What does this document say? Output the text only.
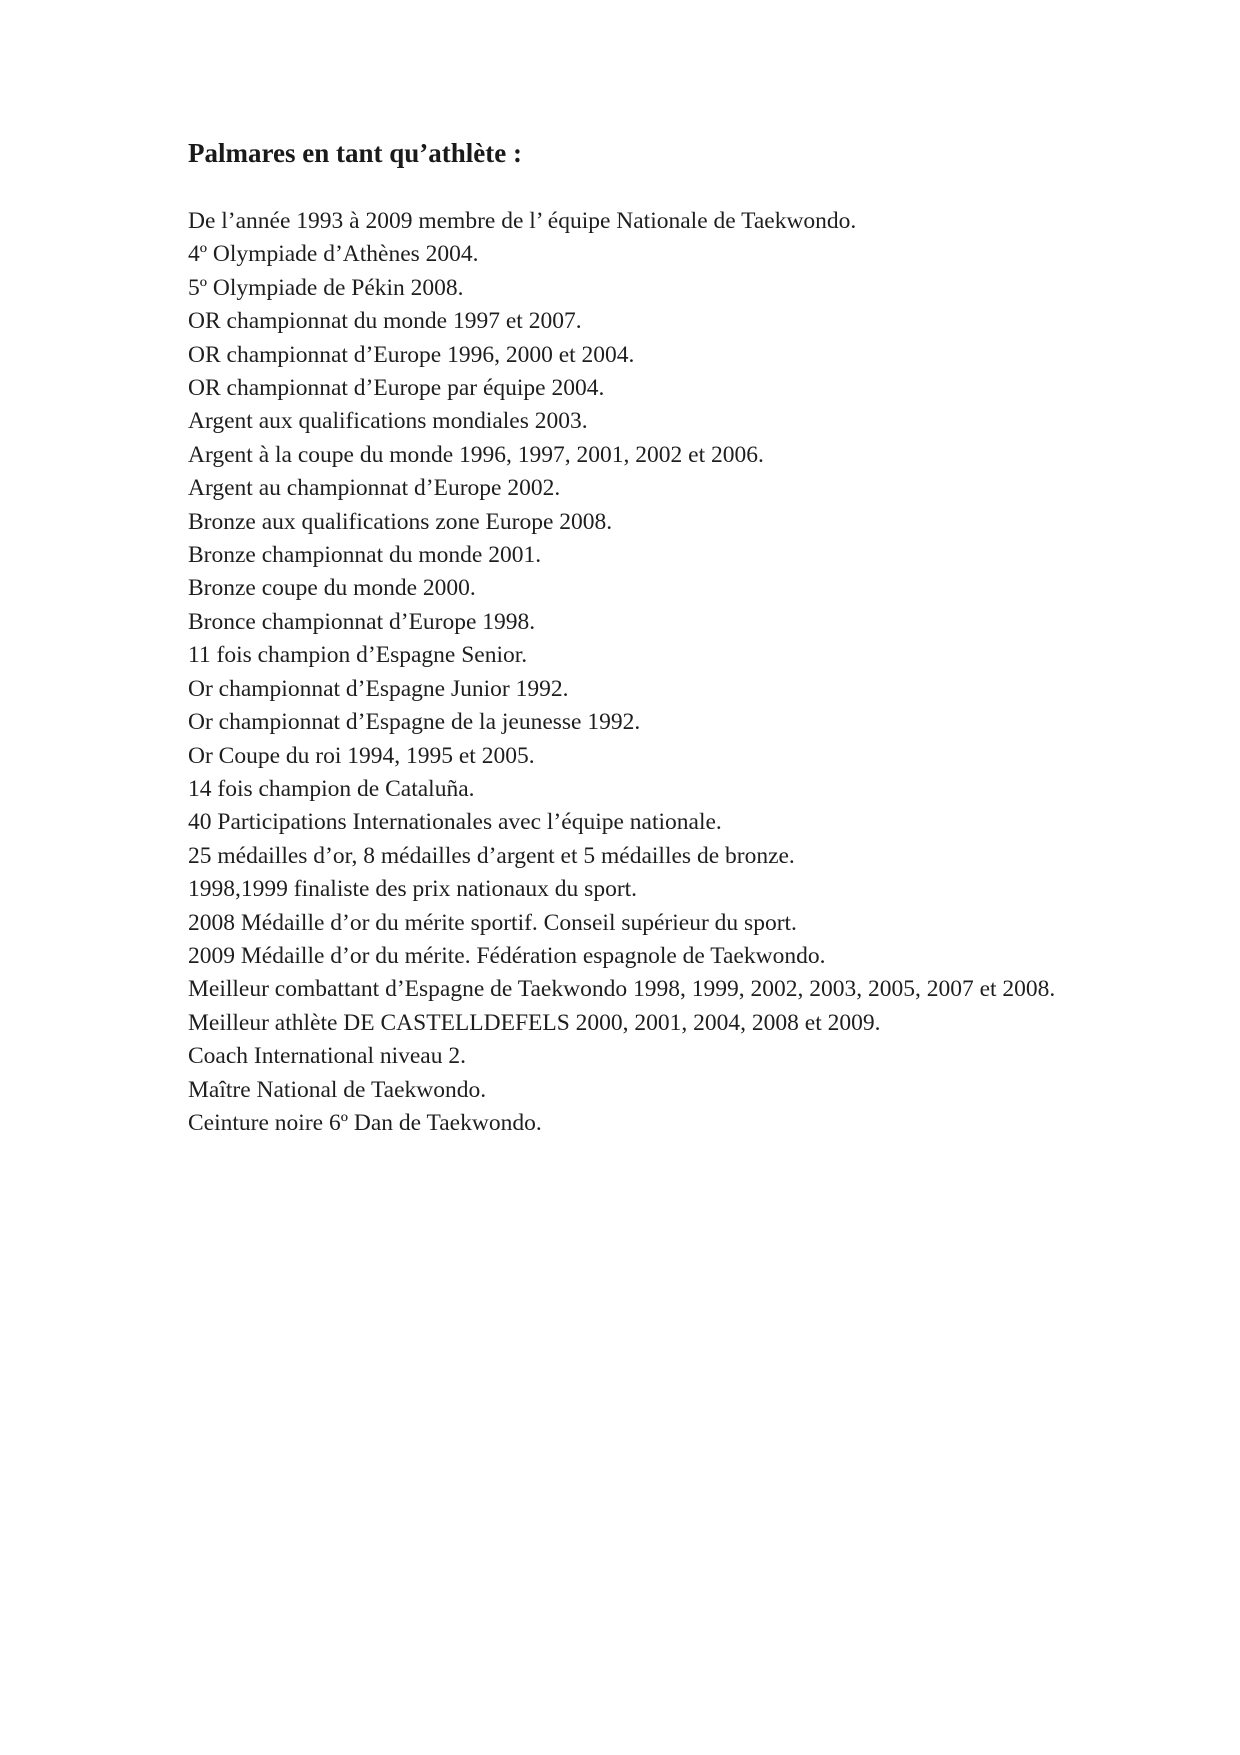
Palmares en tant qu’athlète :
De l’année 1993 à 2009 membre de l’ équipe Nationale de Taekwondo.
4º Olympiade d’Athènes 2004.
5º Olympiade de Pékin 2008.
OR championnat du monde 1997 et 2007.
OR championnat d’Europe 1996, 2000 et 2004.
OR championnat d’Europe par équipe 2004.
Argent aux qualifications mondiales 2003.
Argent à la coupe du monde 1996, 1997, 2001, 2002 et 2006.
Argent au championnat d’Europe 2002.
Bronze aux qualifications zone Europe 2008.
Bronze championnat du monde 2001.
Bronze coupe du monde 2000.
Bronce championnat d’Europe 1998.
11 fois champion d’Espagne Senior.
Or championnat d’Espagne Junior 1992.
Or championnat d’Espagne de la jeunesse 1992.
Or Coupe du roi 1994, 1995 et 2005.
14 fois champion de Cataluña.
40 Participations Internationales avec l’équipe nationale.
25 médailles d’or, 8 médailles d’argent et 5 médailles de bronze.
1998,1999 finaliste des prix nationaux du sport.
2008 Médaille d’or du mérite sportif. Conseil supérieur du sport.
2009 Médaille d’or du mérite. Fédération espagnole de Taekwondo.
Meilleur combattant d’Espagne de Taekwondo 1998, 1999, 2002, 2003, 2005, 2007 et 2008.
Meilleur athlète DE CASTELLDEFELS 2000, 2001, 2004, 2008 et 2009.
Coach International niveau 2.
Maître National de Taekwondo.
Ceinture noire 6º Dan de Taekwondo.
